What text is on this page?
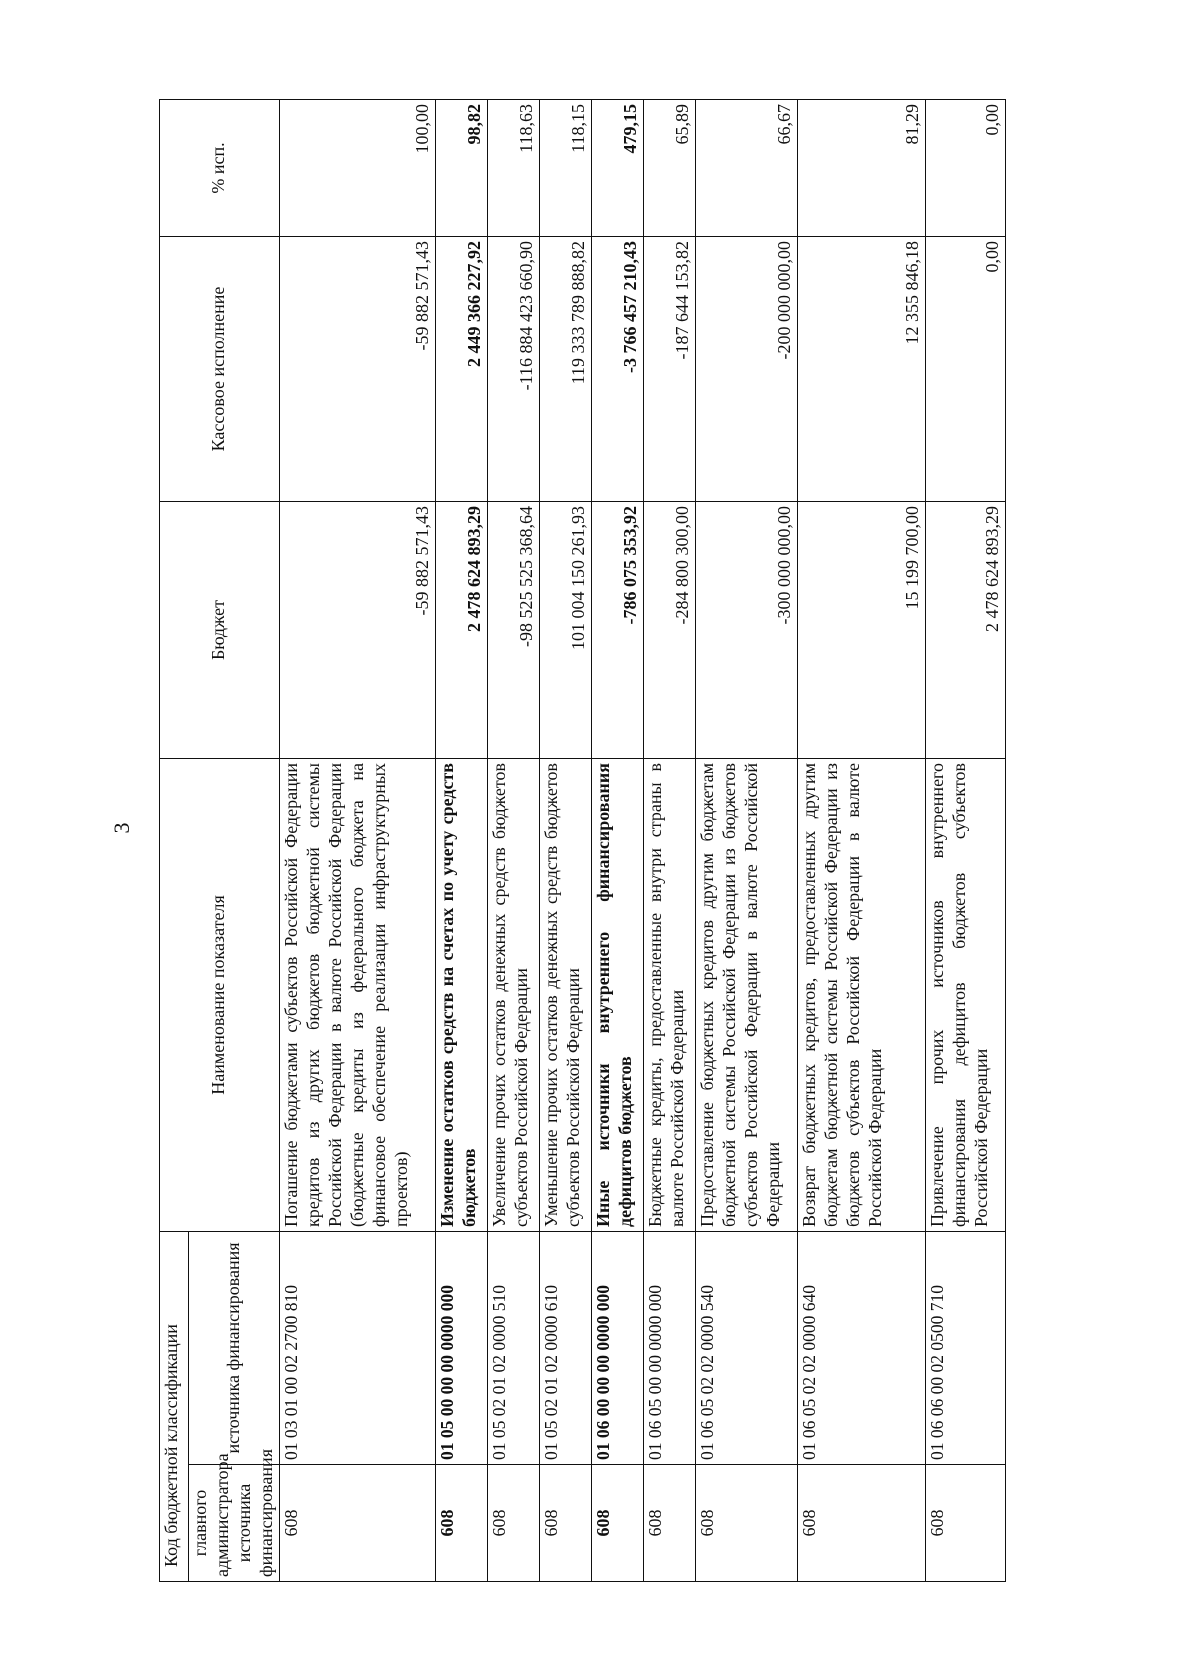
3
Код бюджетной классификации		Наименование показателя	Бюджет	Кассовое исполнение	% исп.
главного администратора источника финансирования	источника финансирования				
608	01 03 01 00 02 2700 810	Погашение бюджетами субъектов Российской Федерации кредитов из других бюджетов бюджетной системы Российской Федерации в валюте Российской Федерации (бюджетные кредиты из федерального бюджета на финансовое обеспечение реализации инфраструктурных проектов)	-59 882 571,43	-59 882 571,43	100,00
608	01 05 00 00 00 0000 000	Изменение остатков средств на счетах по учету средств бюджетов	2 478 624 893,29	2 449 366 227,92	98,82
608	01 05 02 01 02 0000 510	Увеличение прочих остатков денежных средств бюджетов субъектов Российской Федерации	-98 525 525 368,64	-116 884 423 660,90	118,63
608	01 05 02 01 02 0000 610	Уменьшение прочих остатков денежных средств бюджетов субъектов Российской Федерации	101 004 150 261,93	119 333 789 888,82	118,15
608	01 06 00 00 00 0000 000	Иные источники внутреннего финансирования дефицитов бюджетов	-786 075 353,92	-3 766 457 210,43	479,15
608	01 06 05 00 00 0000 000	Бюджетные кредиты, предоставленные внутри страны в валюте Российской Федерации	-284 800 300,00	-187 644 153,82	65,89
608	01 06 05 02 02 0000 540	Предоставление бюджетных кредитов другим бюджетам бюджетной системы Российской Федерации из бюджетов субъектов Российской Федерации в валюте Российской Федерации	-300 000 000,00	-200 000 000,00	66,67
608	01 06 05 02 02 0000 640	Возврат бюджетных кредитов, предоставленных другим бюджетам бюджетной системы Российской Федерации из бюджетов субъектов Российской Федерации в валюте Российской Федерации	15 199 700,00	12 355 846,18	81,29
608	01 06 06 00 02 0500 710	Привлечение прочих источников внутреннего финансирования дефицитов бюджетов субъектов Российской Федерации	2 478 624 893,29	0,00	0,00
